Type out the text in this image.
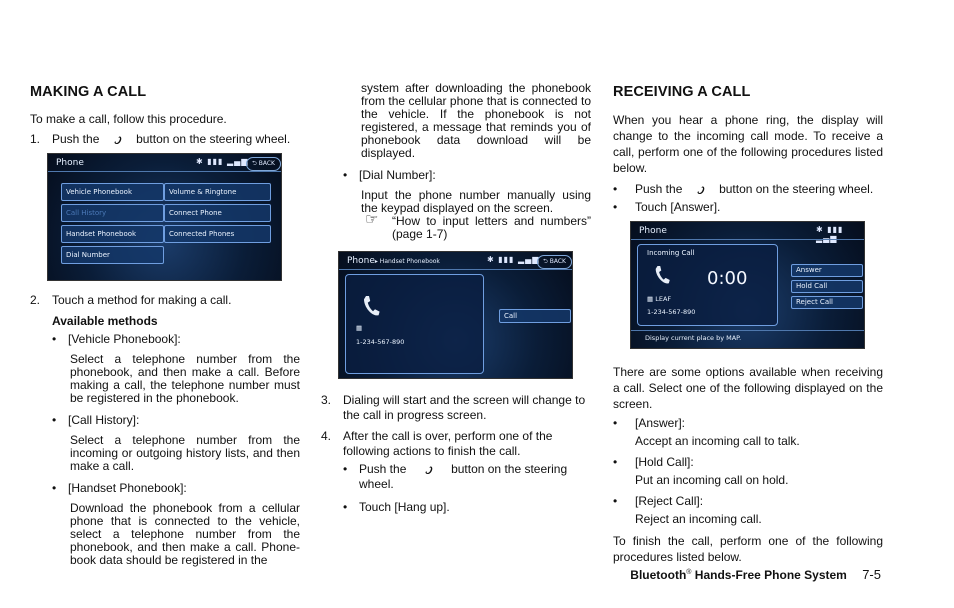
MAKING A CALL

To make a call, follow this procedure.

1. Push the	button on the steering wheel.
Phone	✱ ▮▮▮ ▂▄▆ ⮌ BACK
Vehicle Phonebook	Volume & Ringtone
Call History	Connect Phone
Handset Phonebook	Connected Phones
Dial Number
2. Touch a method for making a call.
Available methods
• [Vehicle Phonebook]:

Select a telephone number from the phonebook, and then make a call. Before making a call, the telephone number must be registered in the phonebook.

• [Call History]:

Select a telephone number from the incoming or outgoing history lists, and then make a call.

• [Handset Phonebook]:

Download the phonebook from a cellular phone that is connected to the vehicle, select a telephone number from the phonebook, and then make a call. Phone-book data should be registered in the

system after downloading the phonebook from the cellular phone that is connected to the vehicle. If the phonebook is not registered, a message that reminds you of phonebook data download will be displayed.

• [Dial Number]:

Input the phone number manually using the keypad displayed on the screen.

☞ “How to input letters and numbers” (page 1-7)
Phone▸ Handset Phonebook	✱ ▮▮▮ ▂▄▆ ⮌ BACK
▦
1-234-567-890
Call
3. Dialing will start and the screen will change to the call in progress screen.
4. After the call is over, perform one of the following actions to finish the call.
• Push the	button on the steering wheel.
• Touch [Hang up].
RECEIVING A CALL

When you hear a phone ring, the display will change to the incoming call mode. To receive a call, perform one of the following procedures listed below.

• Push the	button on the steering wheel.
• Touch [Answer].
Phone	✱ ▮▮▮
Incoming Call
0:00
▦ LEAF
1-234-567-890
Answer
Hold Call
Reject Call
Display current place by MAP.

There are some options available when receiving a call. Select one of the following displayed on the screen.

• [Answer]:

Accept an incoming call to talk.

• [Hold Call]:

Put an incoming call on hold.

• [Reject Call]:

Reject an incoming call.

To finish the call, perform one of the following procedures listed below.

Bluetooth® Hands-Free Phone System 7-5
